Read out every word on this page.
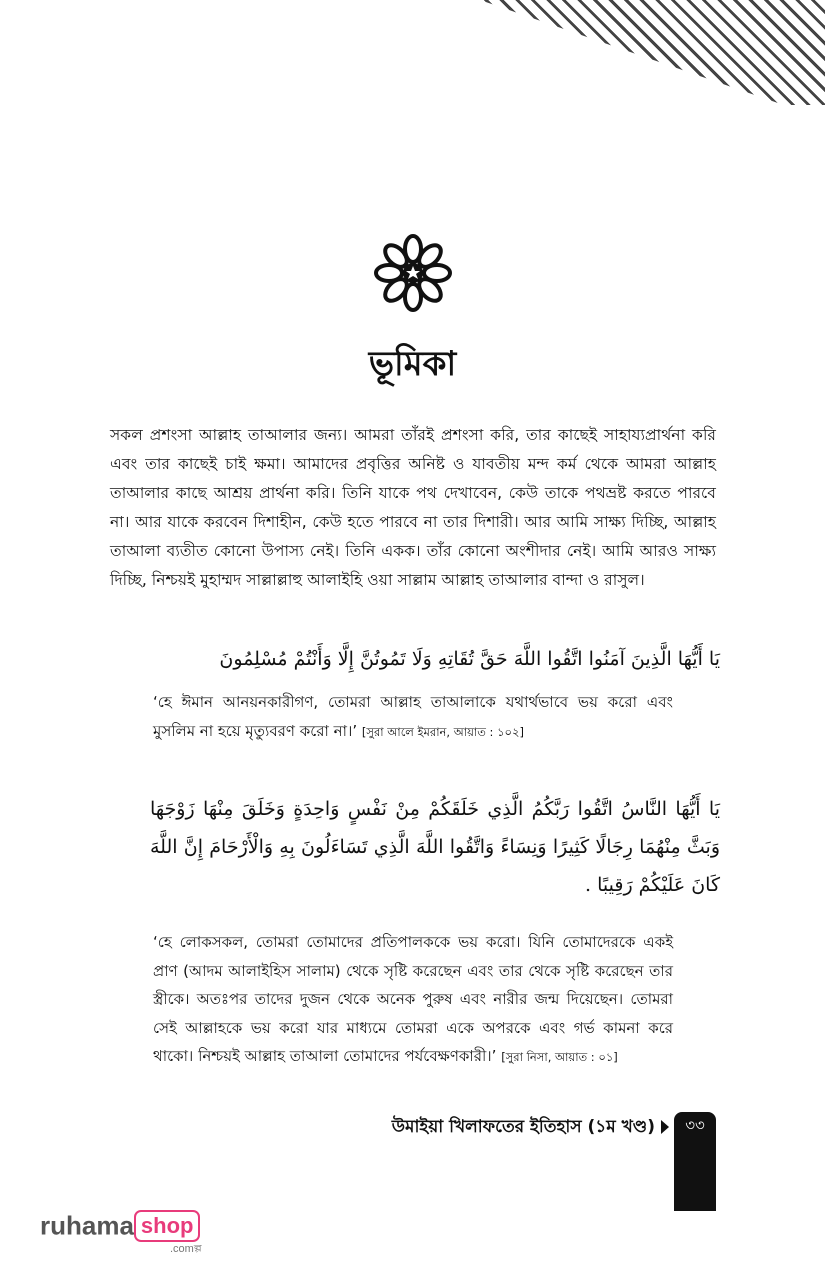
ভূমিকা

সকল প্রশংসা আল্লাহ তাআলার জন্য। আমরা তাঁরই প্রশংসা করি, তার কাছেই সাহায্যপ্রার্থনা করি এবং তার কাছেই চাই ক্ষমা। আমাদের প্রবৃত্তির অনিষ্ট ও যাবতীয় মন্দ কর্ম থেকে আমরা আল্লাহ তাআলার কাছে আশ্রয় প্রার্থনা করি। তিনি যাকে পথ দেখাবেন, কেউ তাকে পথভ্রষ্ট করতে পারবে না। আর যাকে করবেন দিশাহীন, কেউ হতে পারবে না তার দিশারী। আর আমি সাক্ষ্য দিচ্ছি, আল্লাহ তাআলা ব্যতীত কোনো উপাস্য নেই। তিনি একক। তাঁর কোনো অংশীদার নেই। আমি আরও সাক্ষ্য দিচ্ছি, নিশ্চয়ই মুহাম্মদ সাল্লাল্লাহু আলাইহি ওয়া সাল্লাম আল্লাহ তাআলার বান্দা ও রাসুল।

يَا أَيُّهَا الَّذِينَ آمَنُوا اتَّقُوا اللَّهَ حَقَّ تُقَاتِهِ وَلَا تَمُوتُنَّ إِلَّا وَأَنْتُمْ مُسْلِمُونَ

‘হে ঈমান আনয়নকারীগণ, তোমরা আল্লাহ তাআলাকে যথার্থভাবে ভয় করো এবং মুসলিম না হয়ে মৃত্যুবরণ করো না।’ [সুরা আলে ইমরান, আয়াত : ১০২]

يَا أَيُّهَا النَّاسُ اتَّقُوا رَبَّكُمُ الَّذِي خَلَقَكُمْ مِنْ نَفْسٍ وَاحِدَةٍ وَخَلَقَ مِنْهَا زَوْجَهَا وَبَثَّ مِنْهُمَا رِجَالًا كَثِيرًا وَنِسَاءً وَاتَّقُوا اللَّهَ الَّذِي تَسَاءَلُونَ بِهِ وَالْأَرْحَامَ إِنَّ اللَّهَ كَانَ عَلَيْكُمْ رَقِيبًا .

‘হে লোকসকল, তোমরা তোমাদের প্রতিপালককে ভয় করো। যিনি তোমাদেরকে একই প্রাণ (আদম আলাইহিস সালাম) থেকে সৃষ্টি করেছেন এবং তার থেকে সৃষ্টি করেছেন তার স্ত্রীকে। অতঃপর তাদের দুজন থেকে অনেক পুরুষ এবং নারীর জন্ম দিয়েছেন। তোমরা সেই আল্লাহকে ভয় করো যার মাধ্যমে তোমরা একে অপরকে এবং গর্ভ কামনা করে থাকো। নিশ্চয়ই আল্লাহ তাআলা তোমাদের পর্যবেক্ষণকারী।’ [সুরা নিসা, আয়াত : ০১]

উমাইয়া খিলাফতের ইতিহাস (১ম খণ্ড)	৩৩
ruhama shop
.comল্প
